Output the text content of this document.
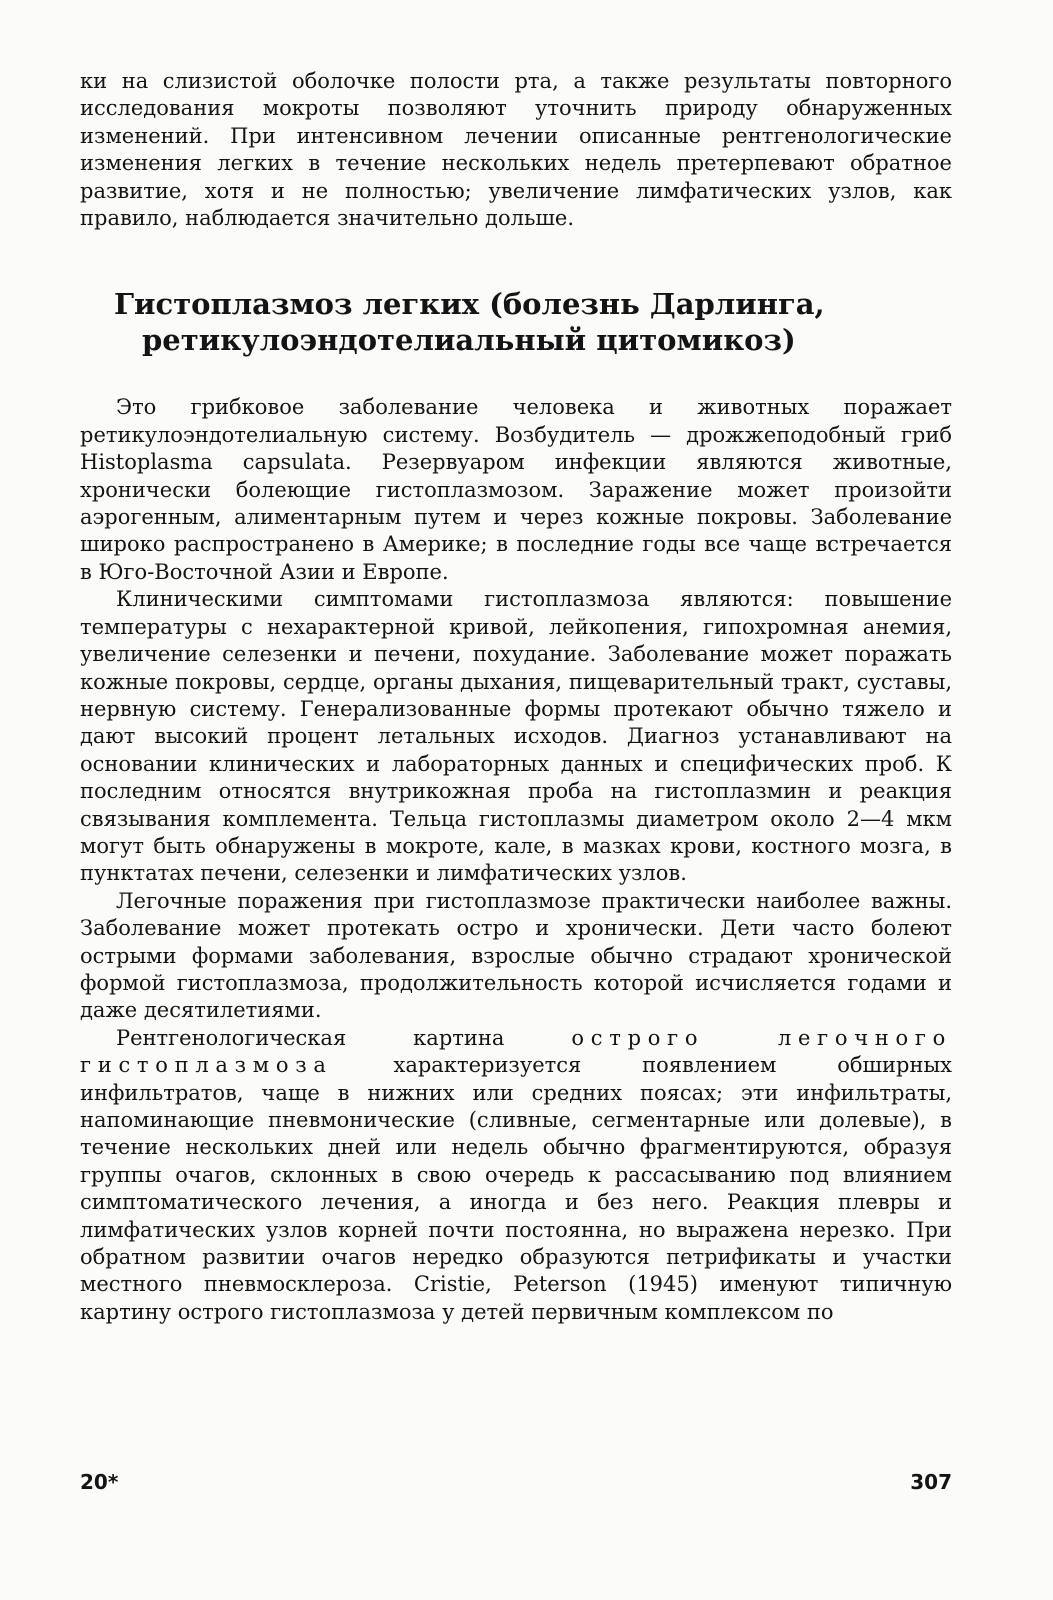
ки на слизистой оболочке полости рта, а также результаты повторного исследования мокроты позволяют уточнить природу обнаруженных изменений. При интенсивном лечении описанные рентгенологические изменения легких в течение нескольких недель претерпевают обратное развитие, хотя и не полностью; увеличение лимфатических узлов, как правило, наблюдается значительно дольше.

Гистоплазмоз легких (болезнь Дарлинга,
ретикулоэндотелиальный цитомикоз)

Это грибковое заболевание человека и животных поражает ретикулоэндотелиальную систему. Возбудитель — дрожжеподобный гриб Histoplasma capsulata. Резервуаром инфекции являются животные, хронически болеющие гистоплазмозом. Заражение может произойти аэрогенным, алиментарным путем и через кожные покровы. Заболевание широко распространено в Америке; в последние годы все чаще встречается в Юго-Восточной Азии и Европе.

Клиническими симптомами гистоплазмоза являются: повышение температуры с нехарактерной кривой, лейкопения, гипохромная анемия, увеличение селезенки и печени, похудание. Заболевание может поражать кожные покровы, сердце, органы дыхания, пищеварительный тракт, суставы, нервную систему. Генерализованные формы протекают обычно тяжело и дают высокий процент летальных исходов. Диагноз устанавливают на основании клинических и лабораторных данных и специфических проб. К последним относятся внутрикожная проба на гистоплазмин и реакция связывания комплемента. Тельца гистоплазмы диаметром около 2—4 мкм могут быть обнаружены в мокроте, кале, в мазках крови, костного мозга, в пунктатах печени, селезенки и лимфатических узлов.

Легочные поражения при гистоплазмозе практически наиболее важны. Заболевание может протекать остро и хронически. Дети часто болеют острыми формами заболевания, взрослые обычно страдают хронической формой гистоплазмоза, продолжительность которой исчисляется годами и даже десятилетиями.

Рентгенологическая картина	острого легочного гистоплазмоза	характеризуется появлением обширных инфильтратов, чаще в нижних или средних поясах; эти инфильтраты, напоминающие пневмонические (сливные, сегментарные или долевые), в течение нескольких дней или недель обычно фрагментируются, образуя группы очагов, склонных в свою очередь к рассасыванию под влиянием симптоматического лечения, а иногда и без него. Реакция плевры и лимфатических узлов корней почти постоянна, но выражена нерезко. При обратном развитии очагов нередко образуются петрификаты и участки местного пневмосклероза. Cristie, Peterson (1945) именуют типичную картину острого гистоплазмоза у детей первичным комплексом по

20*	307
